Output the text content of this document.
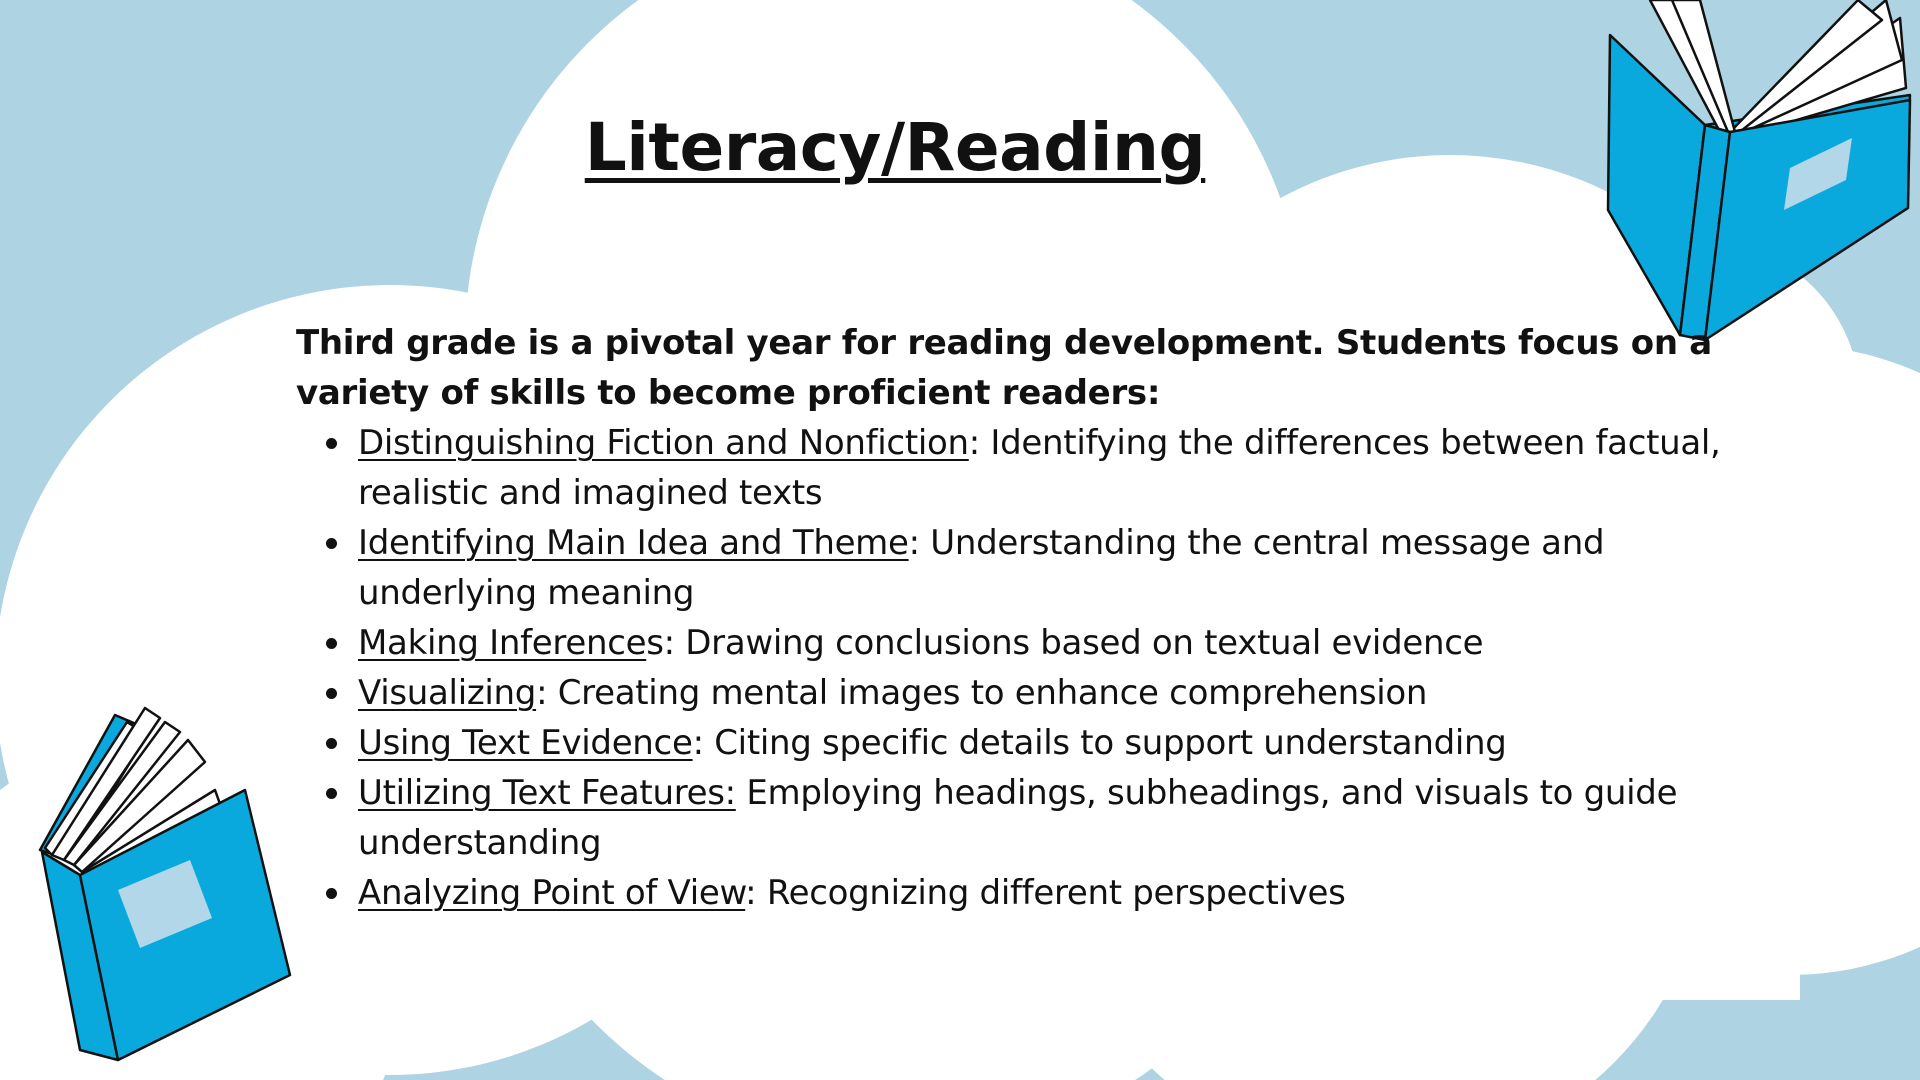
Literacy/Reading

Third grade is a pivotal year for reading development. Students focus on a variety of skills to become proficient readers:

Distinguishing Fiction and Nonfiction: Identifying the differences between factual, realistic and imagined texts
Identifying Main Idea and Theme: Understanding the central message and underlying meaning
Making Inferences: Drawing conclusions based on textual evidence
Visualizing: Creating mental images to enhance comprehension
Using Text Evidence: Citing specific details to support understanding
Utilizing Text Features: Employing headings, subheadings, and visuals to guide understanding
Analyzing Point of View: Recognizing different perspectives
